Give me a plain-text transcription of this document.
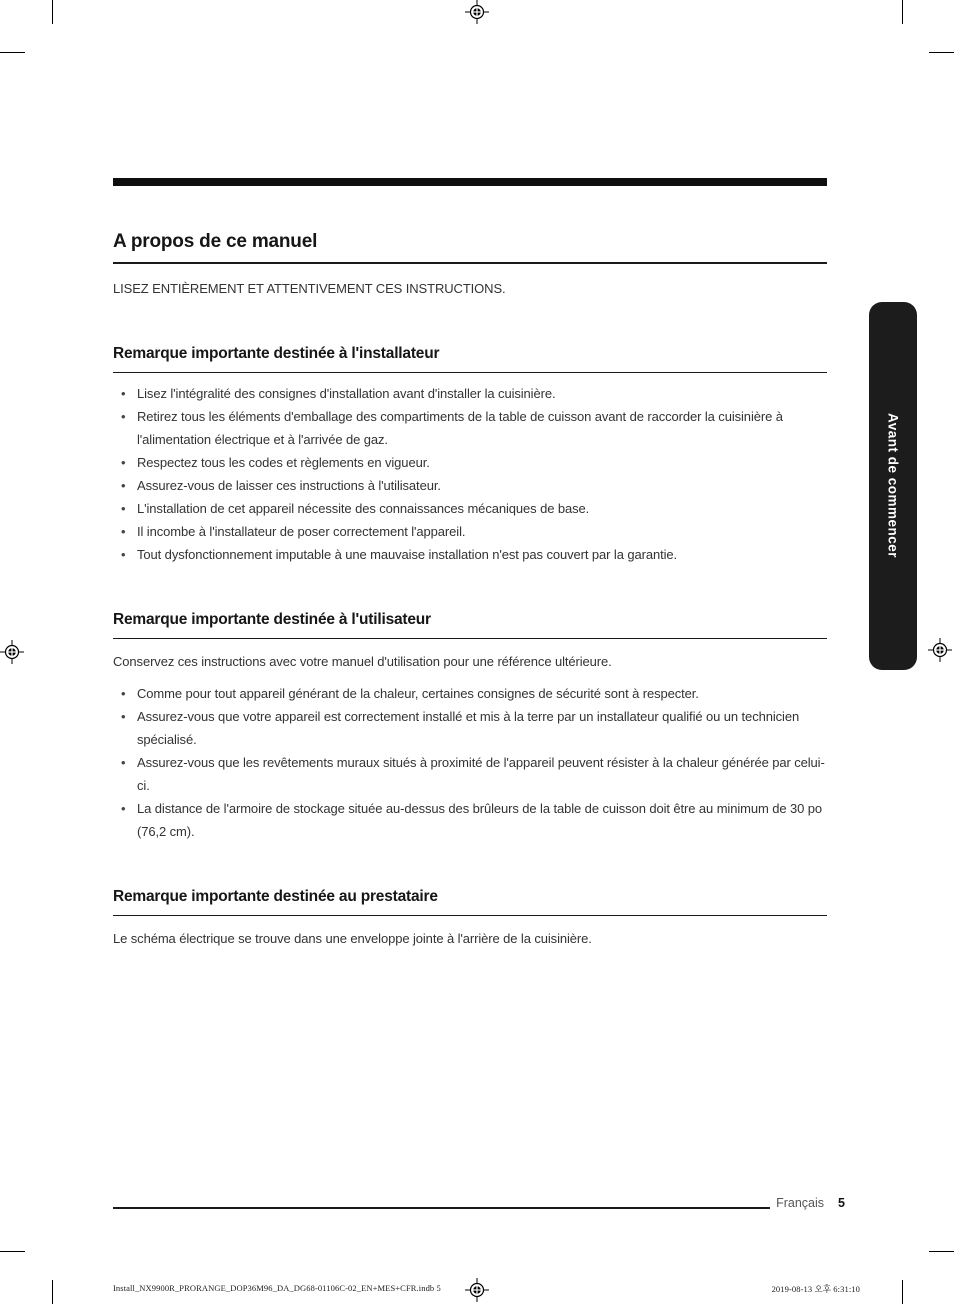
A propos de ce manuel

LISEZ ENTIÈREMENT ET ATTENTIVEMENT CES INSTRUCTIONS.

Remarque importante destinée à l'installateur
• Lisez l'intégralité des consignes d'installation avant d'installer la cuisinière.
• Retirez tous les éléments d'emballage des compartiments de la table de cuisson avant de raccorder la cuisinière à l'alimentation électrique et à l'arrivée de gaz.
• Respectez tous les codes et règlements en vigueur.
• Assurez-vous de laisser ces instructions à l'utilisateur.
• L'installation de cet appareil nécessite des connaissances mécaniques de base.
• Il incombe à l'installateur de poser correctement l'appareil.
• Tout dysfonctionnement imputable à une mauvaise installation n'est pas couvert par la garantie.
Remarque importante destinée à l'utilisateur

Conservez ces instructions avec votre manuel d'utilisation pour une référence ultérieure.

• Comme pour tout appareil générant de la chaleur, certaines consignes de sécurité sont à respecter.
• Assurez-vous que votre appareil est correctement installé et mis à la terre par un installateur qualifié ou un technicien spécialisé.
• Assurez-vous que les revêtements muraux situés à proximité de l'appareil peuvent résister à la chaleur générée par celui-ci.
• La distance de l'armoire de stockage située au-dessus des brûleurs de la table de cuisson doit être au minimum de 30 po (76,2 cm).
Remarque importante destinée au prestataire

Le schéma électrique se trouve dans une enveloppe jointe à l'arrière de la cuisinière.

Avant de commencer
Français 5
Install_NX9900R_PRORANGE_DOP36M96_DA_DG68-01106C-02_EN+MES+CFR.indb 5	2019-08-13 오후 6:31:10
